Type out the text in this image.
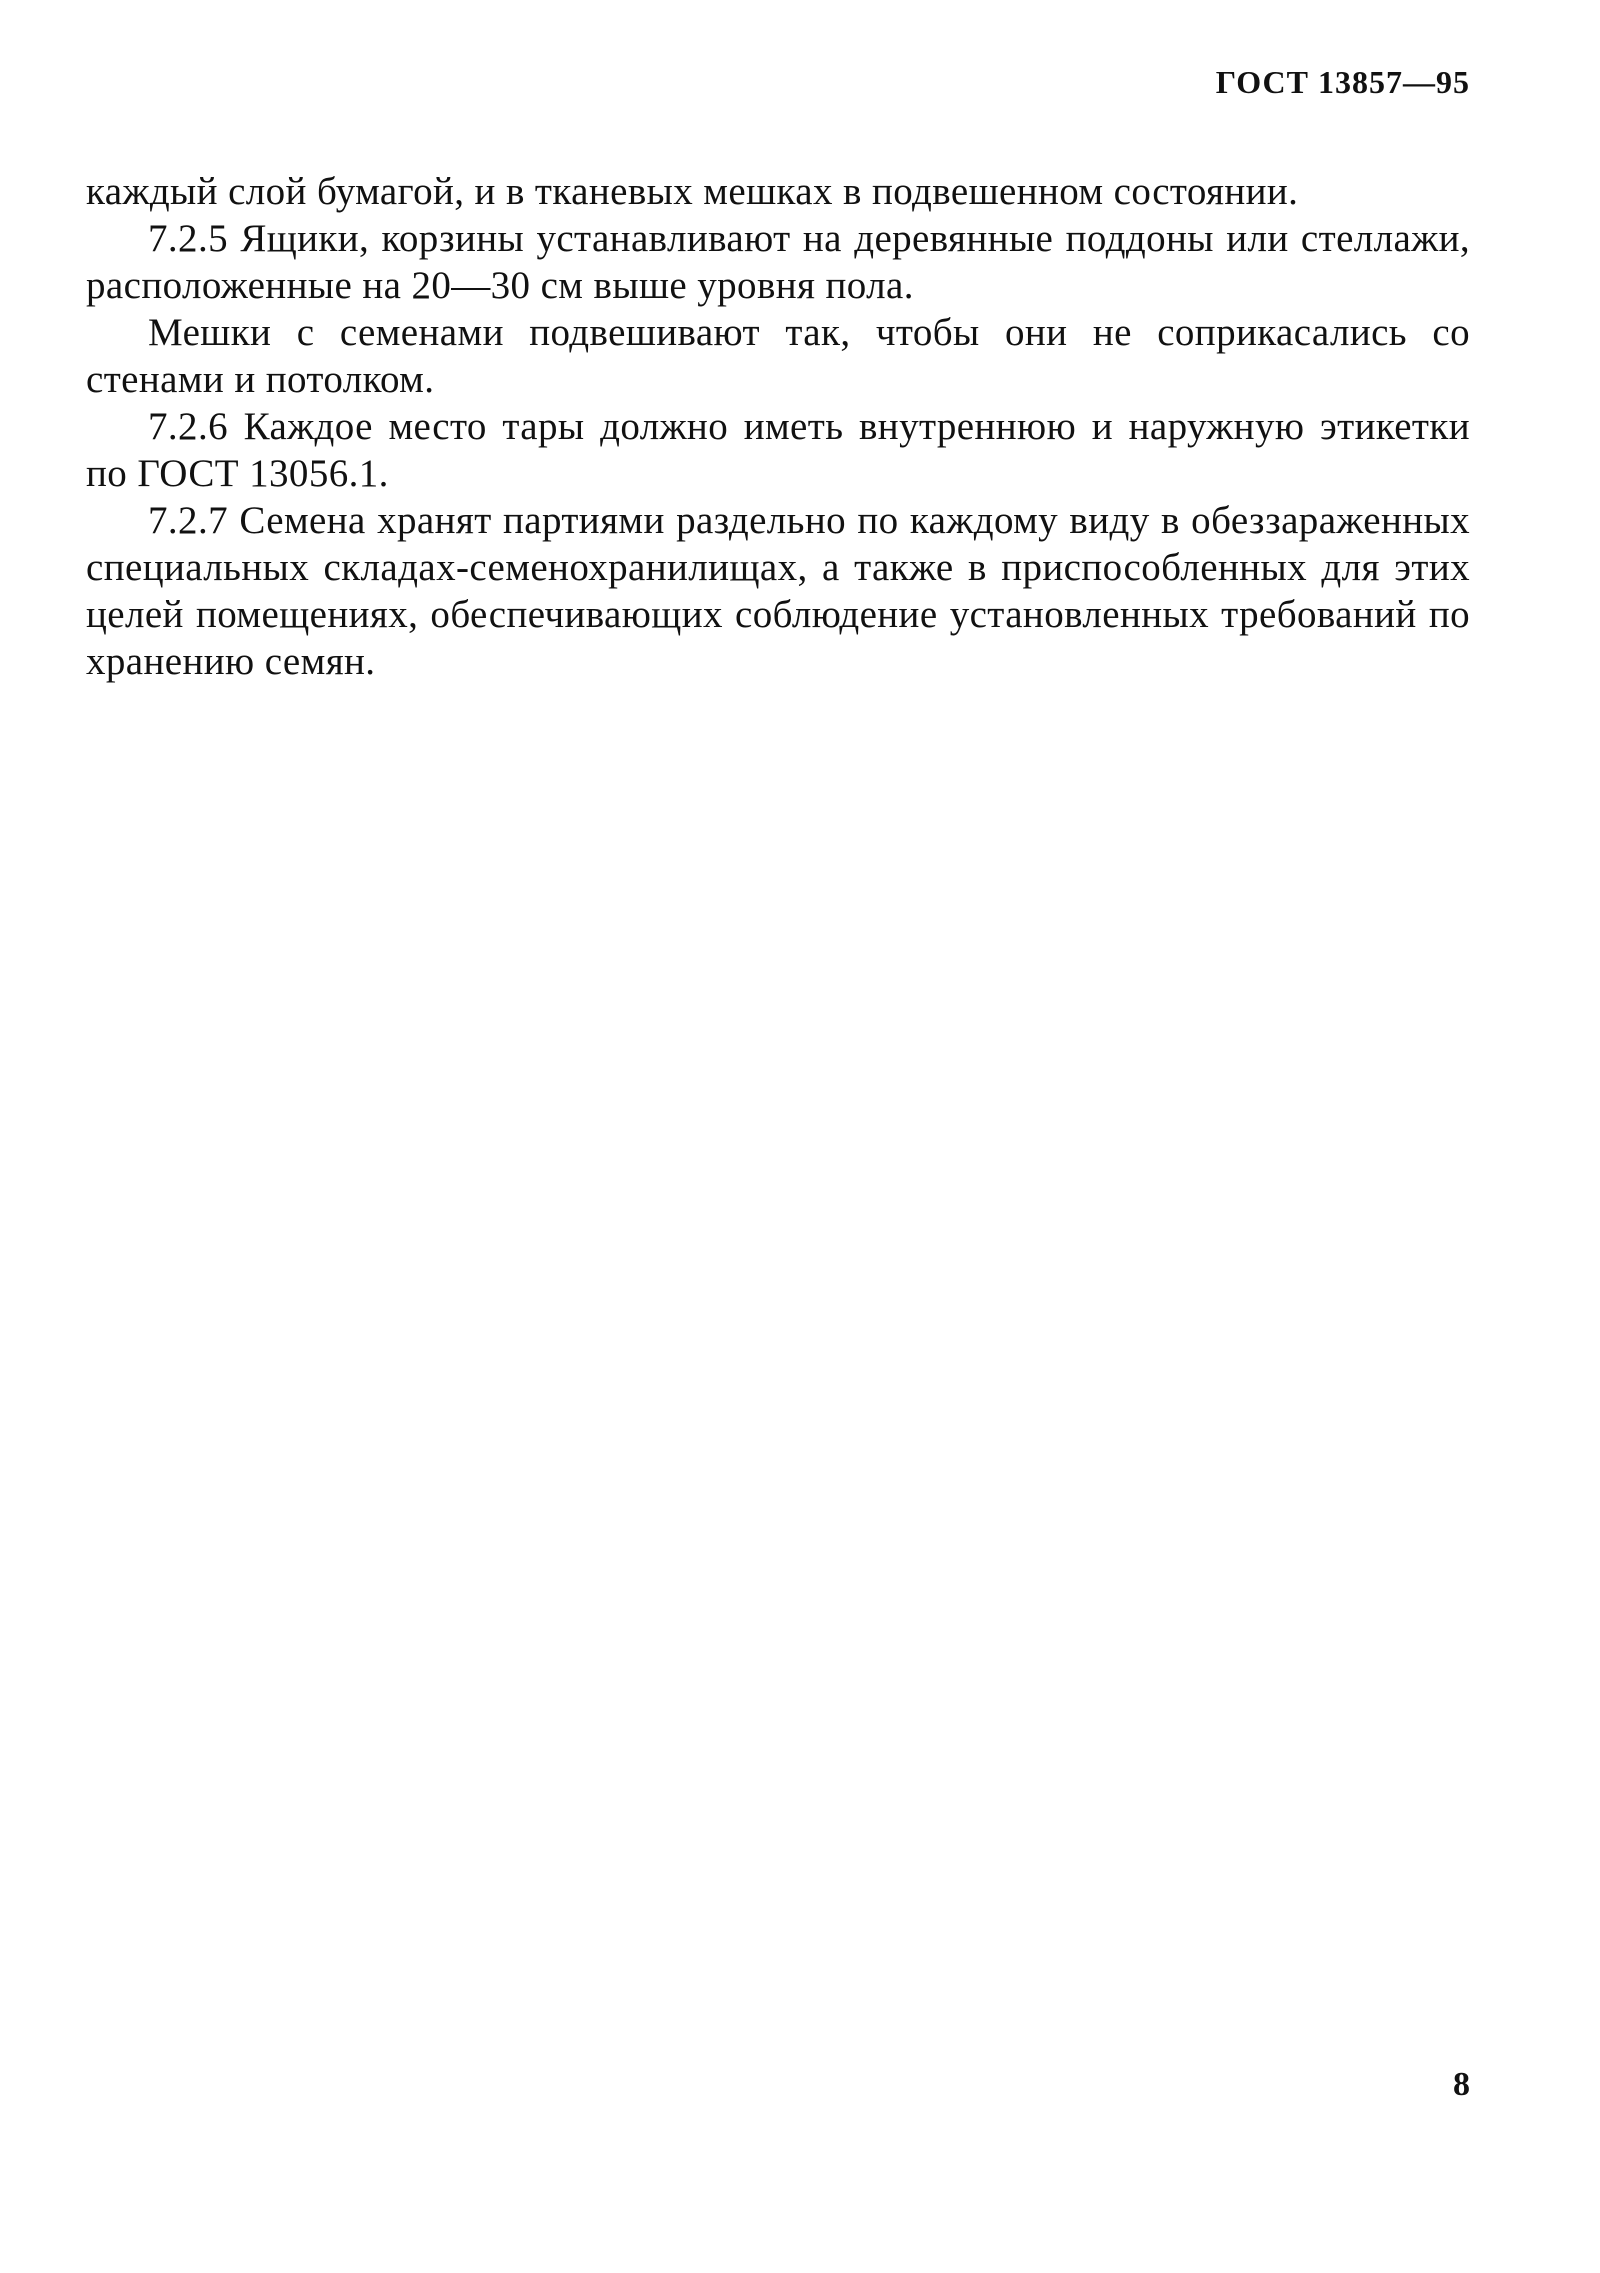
ГОСТ 13857—95

каждый слой бумагой, и в тканевых мешках в подвешенном состоянии.

7.2.5 Ящики, корзины устанавливают на деревянные поддоны или стеллажи, расположенные на 20—30 см выше уровня пола.

Мешки с семенами подвешивают так, чтобы они не соприкасались со стенами и потолком.

7.2.6 Каждое место тары должно иметь внутреннюю и наружную этикетки по ГОСТ 13056.1.

7.2.7 Семена хранят партиями раздельно по каждому виду в обеззараженных специальных складах-семенохранилищах, а также в приспособленных для этих целей помещениях, обеспечивающих соблюдение установленных требований по хранению семян.

8
